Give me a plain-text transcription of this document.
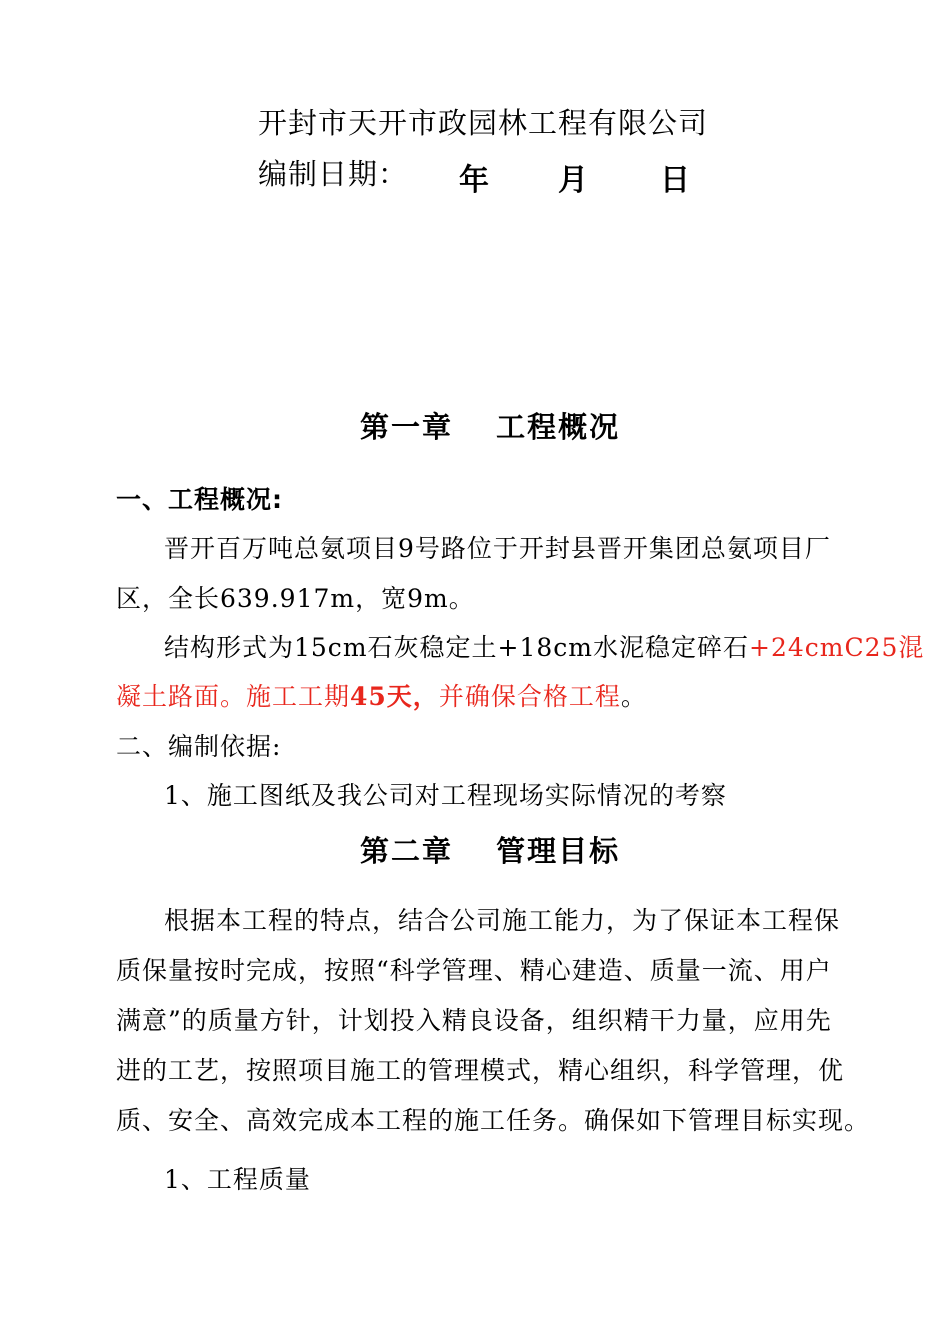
开封市天开市政园林工程有限公司
编制日期： 年 月 日
第一章　 工程概况
一、工程概况:
晋开百万吨总氨项目9号路位于开封县晋开集团总氨项目厂
区，全长639.917m，宽9m。
结构形式为15cm石灰稳定土+18cm水泥稳定碎石+24cmC25混
凝土路面。施工工期45天，并确保合格工程。
二、编制依据:
1、施工图纸及我公司对工程现场实际情况的考察
第二章　 管理目标
根据本工程的特点，结合公司施工能力，为了保证本工程保
质保量按时完成，按照“科学管理、精心建造、质量一流、用户
满意”的质量方针，计划投入精良设备，组织精干力量，应用先
进的工艺，按照项目施工的管理模式，精心组织，科学管理，优
质、安全、高效完成本工程的施工任务。确保如下管理目标实现。
1、工程质量
